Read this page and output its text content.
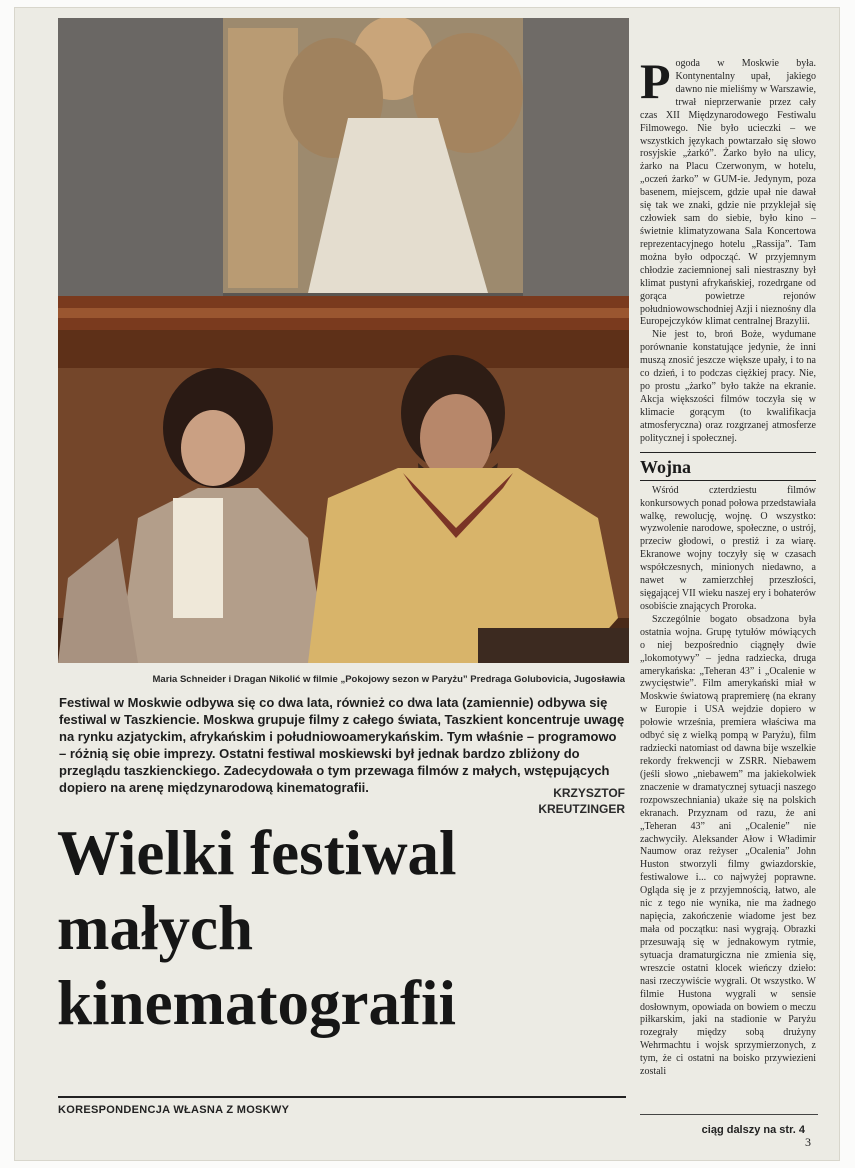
Maria Schneider i Dragan Nikolić w filmie „Pokojowy sezon w Paryżu” Predraga Golubovicia, Jugosławia
Festiwal w Moskwie odbywa się co dwa lata, również co dwa lata (zamiennie) odbywa się festiwal w Taszkiencie. Moskwa grupuje filmy z całego świata, Taszkient koncentruje uwagę na rynku azjatyckim, afrykańskim i południowoamerykańskim. Tym właśnie – programowo – różnią się obie imprezy. Ostatni festiwal moskiewski był jednak bardzo zbliżony do przeglądu taszkienckiego. Zadecydowała o tym przewaga filmów z małych, wstępujących dopiero na arenę międzynarodową kinematografii.	KRZYSZTOF
KREUTZINGER
Wielki festiwal
małych
kinematografii
KORESPONDENCJA WŁASNA Z MOSKWY

Pogoda w Moskwie była. Kontynentalny upał, jakiego dawno nie mieliśmy w Warszawie, trwał nieprzerwanie przez cały czas XII Międzynarodowego Festiwalu Filmowego. Nie było ucieczki – we wszystkich językach powtarzało się słowo rosyjskie „żarkó”. Żarko było na ulicy, żarko na Placu Czerwonym, w hotelu, „oczeń żarko” w GUM-ie. Jedynym, poza basenem, miejscem, gdzie upał nie dawał się tak we znaki, gdzie nie przyklejał się człowiek sam do siebie, było kino – świetnie klimatyzowana Sala Koncertowa reprezentacyjnego hotelu „Rassija”. Tam można było odpocząć. W przyjemnym chłodzie zaciemnionej sali niestraszny był klimat pustyni afrykańskiej, rozedrgane od gorąca powietrze rejonów południowowschodniej Azji i nieznośny dla Europejczyków klimat centralnej Brazylii.

Nie jest to, broń Boże, wydumane porównanie konstatujące jedynie, że inni muszą znosić jeszcze większe upały, i to na co dzień, i to podczas ciężkiej pracy. Nie, po prostu „żarko” było także na ekranie. Akcja większości filmów toczyła się w klimacie gorącym (to kwalifikacja atmosferyczna) oraz rozgrzanej atmosferze politycznej i społecznej.

Wojna

Wśród czterdziestu filmów konkursowych ponad połowa przedstawiała walkę, rewolucję, wojnę. O wszystko: wyzwolenie narodowe, społeczne, o ustrój, przeciw głodowi, o prestiż i za wiarę. Ekranowe wojny toczyły się w czasach współczesnych, minionych niedawno, a nawet w zamierzchłej przeszłości, sięgającej VII wieku naszej ery i bohaterów osobiście znających Proroka.

Szczególnie bogato obsadzona była ostatnia wojna. Grupę tytułów mówiących o niej bezpośrednio ciągnęły dwie „lokomotywy” – jedna radziecka, druga amerykańska: „Teheran 43” i „Ocalenie w zwycięstwie”. Film amerykański miał w Moskwie światową prapremierę (na ekrany w Europie i USA wejdzie dopiero w połowie września, premiera właściwa ma odbyć się z wielką pompą w Paryżu), film radziecki natomiast od dawna bije wszelkie rekordy frekwencji w ZSRR. Niebawem (jeśli słowo „niebawem” ma jakiekolwiek znaczenie w dramatycznej sytuacji naszego rozpowszechniania) ukaże się na polskich ekranach. Przyznam od razu, że ani „Teheran 43” ani „Ocalenie” nie zachwyciły. Aleksander Ałow i Władimir Naumow oraz reżyser „Ocalenia” John Huston stworzyli filmy gwiazdorskie, festiwalowe i... co najwyżej poprawne. Ogląda się je z przyjemnością, łatwo, ale nic z tego nie wynika, nie ma żadnego napięcia, zakończenie wiadome jest bez mała od początku: nasi wygrają. Obrazki przesuwają się w jednakowym rytmie, sytuacja dramaturgiczna nie zmienia się, wreszcie ostatni klocek wieńczy dzieło: nasi rzeczywiście wygrali. Ot wszystko. W filmie Hustona wygrali w sensie dosłownym, opowiada on bowiem o meczu piłkarskim, jaki na stadionie w Paryżu rozegrały między sobą drużyny Wehrmachtu i wojsk sprzymierzonych, z tym, że ci ostatni na boisko przywiezieni zostali

ciąg dalszy na str. 4
3
